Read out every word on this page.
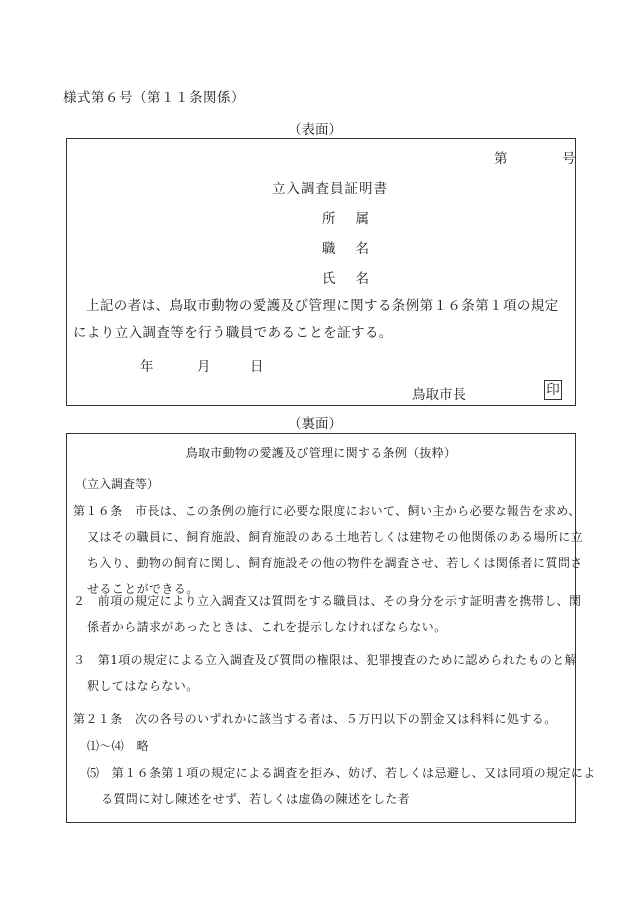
様式第６号（第１１条関係）
（表面）
第	号
立入調査員証明書
所属
職名
氏名
上記の者は、鳥取市動物の愛護及び管理に関する条例第１６条第１項の規定により立入調査等を行う職員であることを証する。
年	月	日
鳥取市長	印
（裏面）
鳥取市動物の愛護及び管理に関する条例（抜粋）
（立入調査等）
第１６条　市長は、この条例の施行に必要な限度において、飼い主から必要な報告を求め、又はその職員に、飼育施設、飼育施設のある土地若しくは建物その他関係のある場所に立ち入り、動物の飼育に関し、飼育施設その他の物件を調査させ、若しくは関係者に質問させることができる。
２　前項の規定により立入調査又は質問をする職員は、その身分を示す証明書を携帯し、関係者から請求があったときは、これを提示しなければならない。
３　第1項の規定による立入調査及び質問の権限は、犯罪捜査のために認められたものと解釈してはならない。
第２１条　次の各号のいずれかに該当する者は、５万円以下の罰金又は科料に処する。
⑴～⑷　略
⑸　第１６条第１項の規定による調査を拒み、妨げ、若しくは忌避し、又は同項の規定による質問に対し陳述をせず、若しくは虚偽の陳述をした者
